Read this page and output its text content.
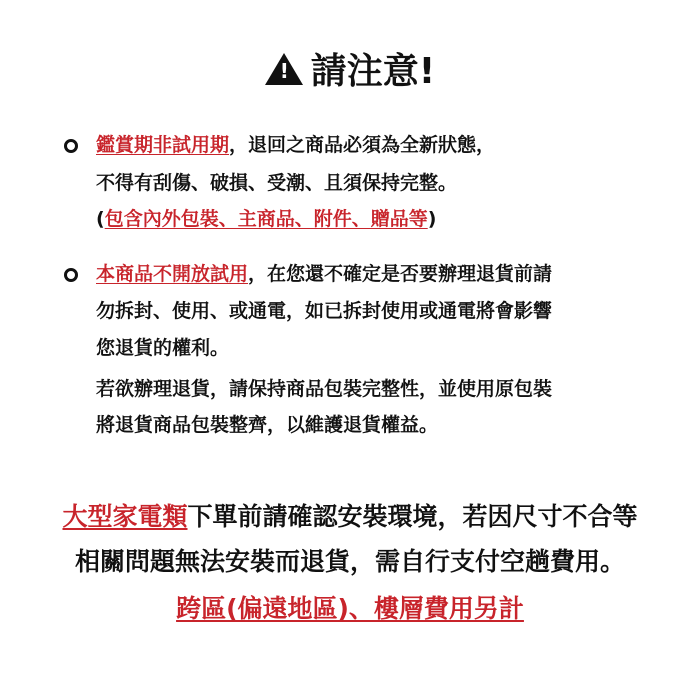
!請注意!
鑑賞期非試用期，退回之商品必須為全新狀態，
不得有刮傷、破損、受潮、且須保持完整。
(包含內外包裝、主商品、附件、贈品等)
本商品不開放試用，在您還不確定是否要辦理退貨前請
勿拆封、使用、或通電，如已拆封使用或通電將會影響
您退貨的權利。
若欲辦理退貨，請保持商品包裝完整性，並使用原包裝
將退貨商品包裝整齊，以維護退貨權益。
大型家電類下單前請確認安裝環境，若因尺寸不合等
相關問題無法安裝而退貨，需自行支付空趟費用。
跨區(偏遠地區)、樓層費用另計
